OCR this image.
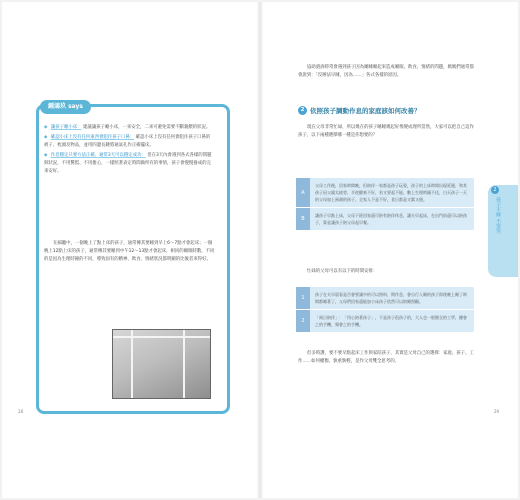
鍾鴻玖 says
◆ 讓孩子睡小床： 建議讓孩子睡小床，一來安全，二來可避免需要不斷親餵的狀況。
◆ 確認小床上沒有任何東西會阻住孩子口鼻： 確認小床上沒有任何會阻住孩子口鼻的被子、枕頭及物品，並用四邊長鏈將通氣孔作正確擺床。
◆ 作息穩定只要方法正確、通常3天可以穩定成功： 但在3天內會遇到各式各樣的問題與狀況，不用驚慌、不用擔心，一樣照著表定時間做所有的事情，孩子會慢慢養成的完來安好。
在細聽中，一個晚上了點上床的孩子，通常傳其要睡到早上6～7點才會起床；一個晚上12點上床的孩子，通常傳其要睡到中午12～13點才會起床，相同的睡眠時數，不同的是因為生理時鐘的不同，導致固有的精神、飲食、情緒狀況都明顯的比後者來得好。
28
協助諮詢時常會遇到孩子因為睡睡睡起來造成睡眠、飲食、情緒的問題，媽媽們通常都會說到：「沒辦法早睡，因為……」各式各樣的原因。
2 依照孩子調動作息的家庭該如何改善？
現在父母非常忙碌，所以幾在的孩子睡睡幾起好像變成理所當然，大家可以把自己這作孩子，以下兩種選擇哪一種是你想要的？
A
父母工作後，回家時間晚，但陪伴一家都是孩子玩耍，孩子的上床時間出現延遲，和其孩子因父親太疲勞，半夜醒來不好，若又要起不能、數上生理時鐘不佳，白天孩子一天的父母加上兩歲的孩子，全家人不是不好，食日都是又累又倦。
B
讓孩子早點上床，父母下班回家還可陪有陪伴休息，讓夫早起床，在出門前還可以陪孩子，算是讓孩子陪父母起早餐。
忙碌的父母可以有以下的時間安排：
1
孩子在夫早晨看是否會要讓中的可以照料，問作息，會自行入睡的孩子即使晚上睡了時間都睡著了，父母們回家還能加小床孩子依然可以陪睡照顧。
2
「兩日陪伴」：「用心陪著孩子」，不是孩子很孩子的，大人也一般健全的工學，擾會之的手機、聚會之的手機。
但多時護，要不要早點起床工作與家陪孩子，其實是父母自己的選擇：家庭、孩子、工作……如何權衡，孰重孰輕，是作父母雙全思考的。
29
2
孩子不睡 不要哭
